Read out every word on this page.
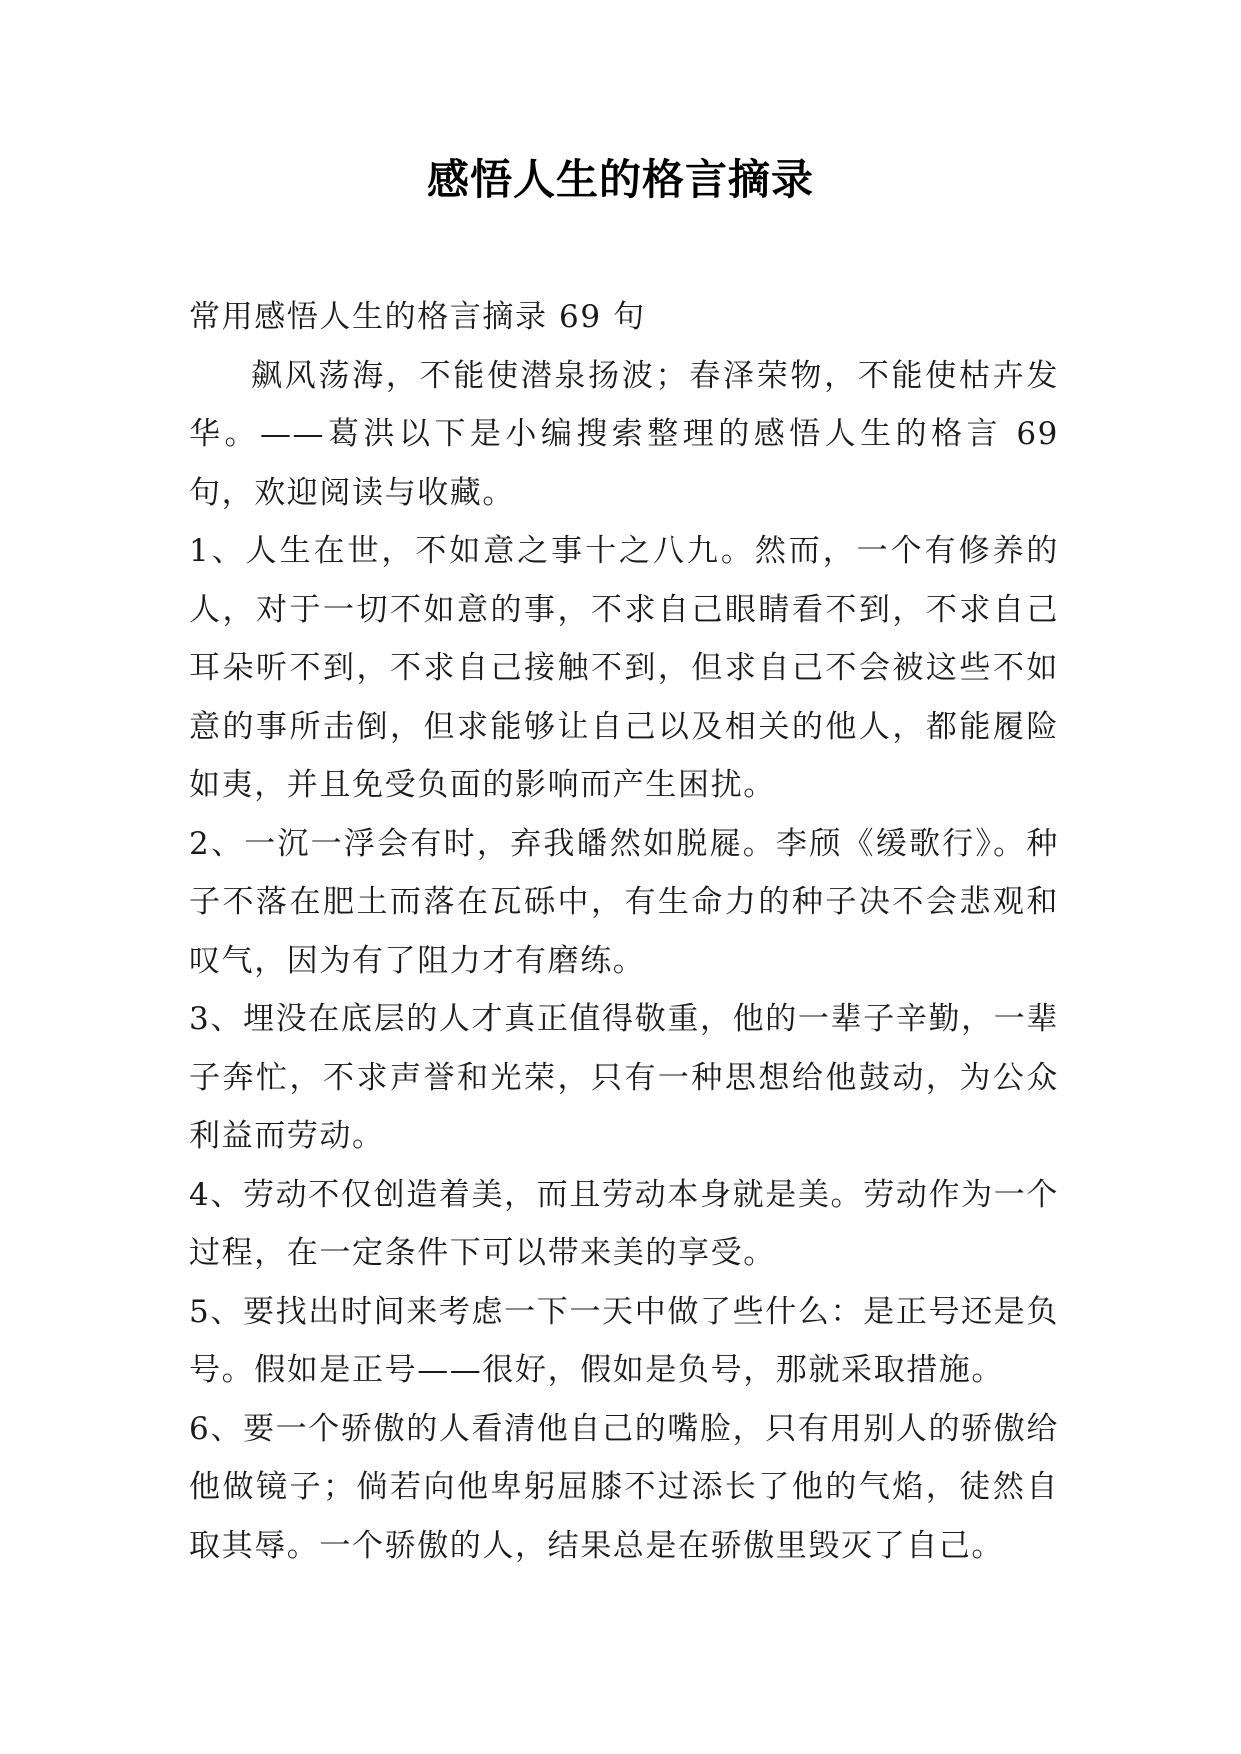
感悟人生的格言摘录

常用感悟人生的格言摘录 69 句

飙风荡海，不能使潜泉扬波；春泽荣物，不能使枯卉发华。——葛洪以下是小编搜索整理的感悟人生的格言 69 句，欢迎阅读与收藏。

1、人生在世，不如意之事十之八九。然而，一个有修养的人，对于一切不如意的事，不求自己眼睛看不到，不求自己耳朵听不到，不求自己接触不到，但求自己不会被这些不如意的事所击倒，但求能够让自己以及相关的他人，都能履险如夷，并且免受负面的影响而产生困扰。

2、一沉一浮会有时，弃我皤然如脱屣。李颀《缓歌行》。种子不落在肥土而落在瓦砾中，有生命力的种子决不会悲观和叹气，因为有了阻力才有磨练。

3、埋没在底层的人才真正值得敬重，他的一辈子辛勤，一辈子奔忙，不求声誉和光荣，只有一种思想给他鼓动，为公众利益而劳动。

4、劳动不仅创造着美，而且劳动本身就是美。劳动作为一个过程，在一定条件下可以带来美的享受。

5、要找出时间来考虑一下一天中做了些什么：是正号还是负号。假如是正号——很好，假如是负号，那就采取措施。

6、要一个骄傲的人看清他自己的嘴脸，只有用别人的骄傲给他做镜子；倘若向他卑躬屈膝不过添长了他的气焰，徒然自取其辱。一个骄傲的人，结果总是在骄傲里毁灭了自己。
